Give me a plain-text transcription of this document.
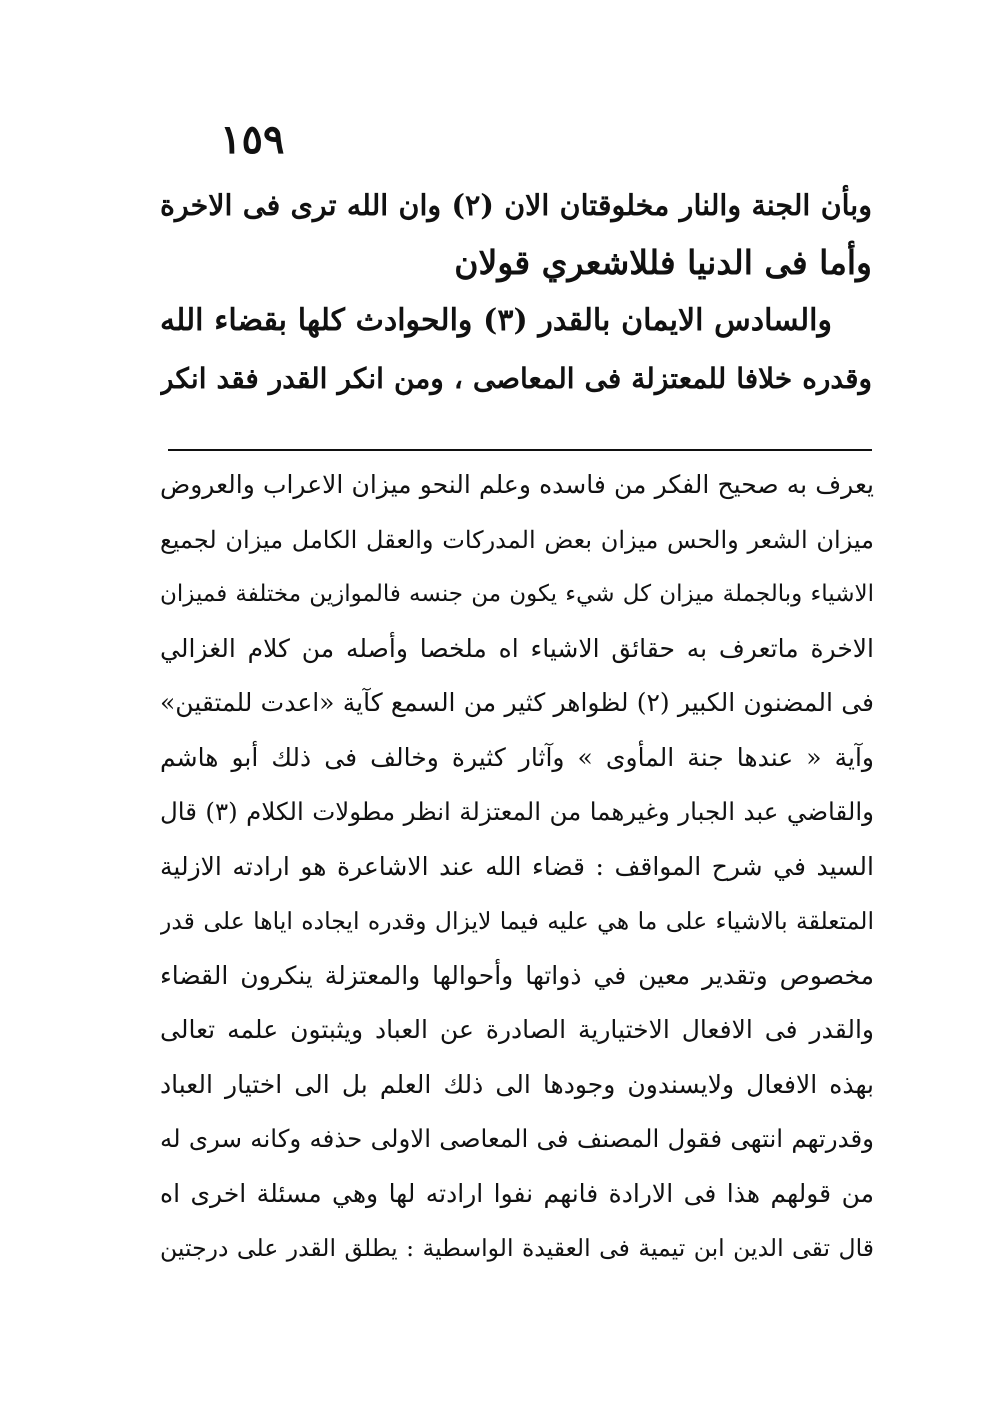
١٥٩
وبأن الجنة والنار مخلوقتان الان (٢) وان الله ترى فى الاخرة
وأما فى الدنيا فللاشعري قولان
والسادس الايمان بالقدر (٣) والحوادث كلها بقضاء الله
وقدره خلافا للمعتزلة فى المعاصى ، ومن انكر القدر فقد انكر
يعرف به صحيح الفكر من فاسده وعلم النحو ميزان الاعراب والعروض
ميزان الشعر والحس ميزان بعض المدركات والعقل الكامل ميزان لجميع
الاشياء وبالجملة ميزان كل شيء يكون من جنسه فالموازين مختلفة فميزان
الاخرة ماتعرف به حقائق الاشياء اه ملخصا وأصله من كلام الغزالي
فى المضنون الكبير (٢) لظواهر كثير من السمع كآية «اعدت للمتقين»
وآية « عندها جنة المأوى » وآثار كثيرة وخالف فى ذلك أبو هاشم
والقاضي عبد الجبار وغيرهما من المعتزلة انظر مطولات الكلام (٣) قال
السيد في شرح المواقف : قضاء الله عند الاشاعرة هو ارادته الازلية
المتعلقة بالاشياء على ما هي عليه فيما لايزال وقدره ايجاده اياها على قدر
مخصوص وتقدير معين في ذواتها وأحوالها والمعتزلة ينكرون القضاء
والقدر فى الافعال الاختيارية الصادرة عن العباد ويثبتون علمه تعالى
بهذه الافعال ولايسندون وجودها الى ذلك العلم بل الى اختيار العباد
وقدرتهم انتهى فقول المصنف فى المعاصى الاولى حذفه وكانه سرى له
من قولهم هذا فى الارادة فانهم نفوا ارادته لها وهي مسئلة اخرى اه
قال تقى الدين ابن تيمية فى العقيدة الواسطية : يطلق القدر على درجتين
